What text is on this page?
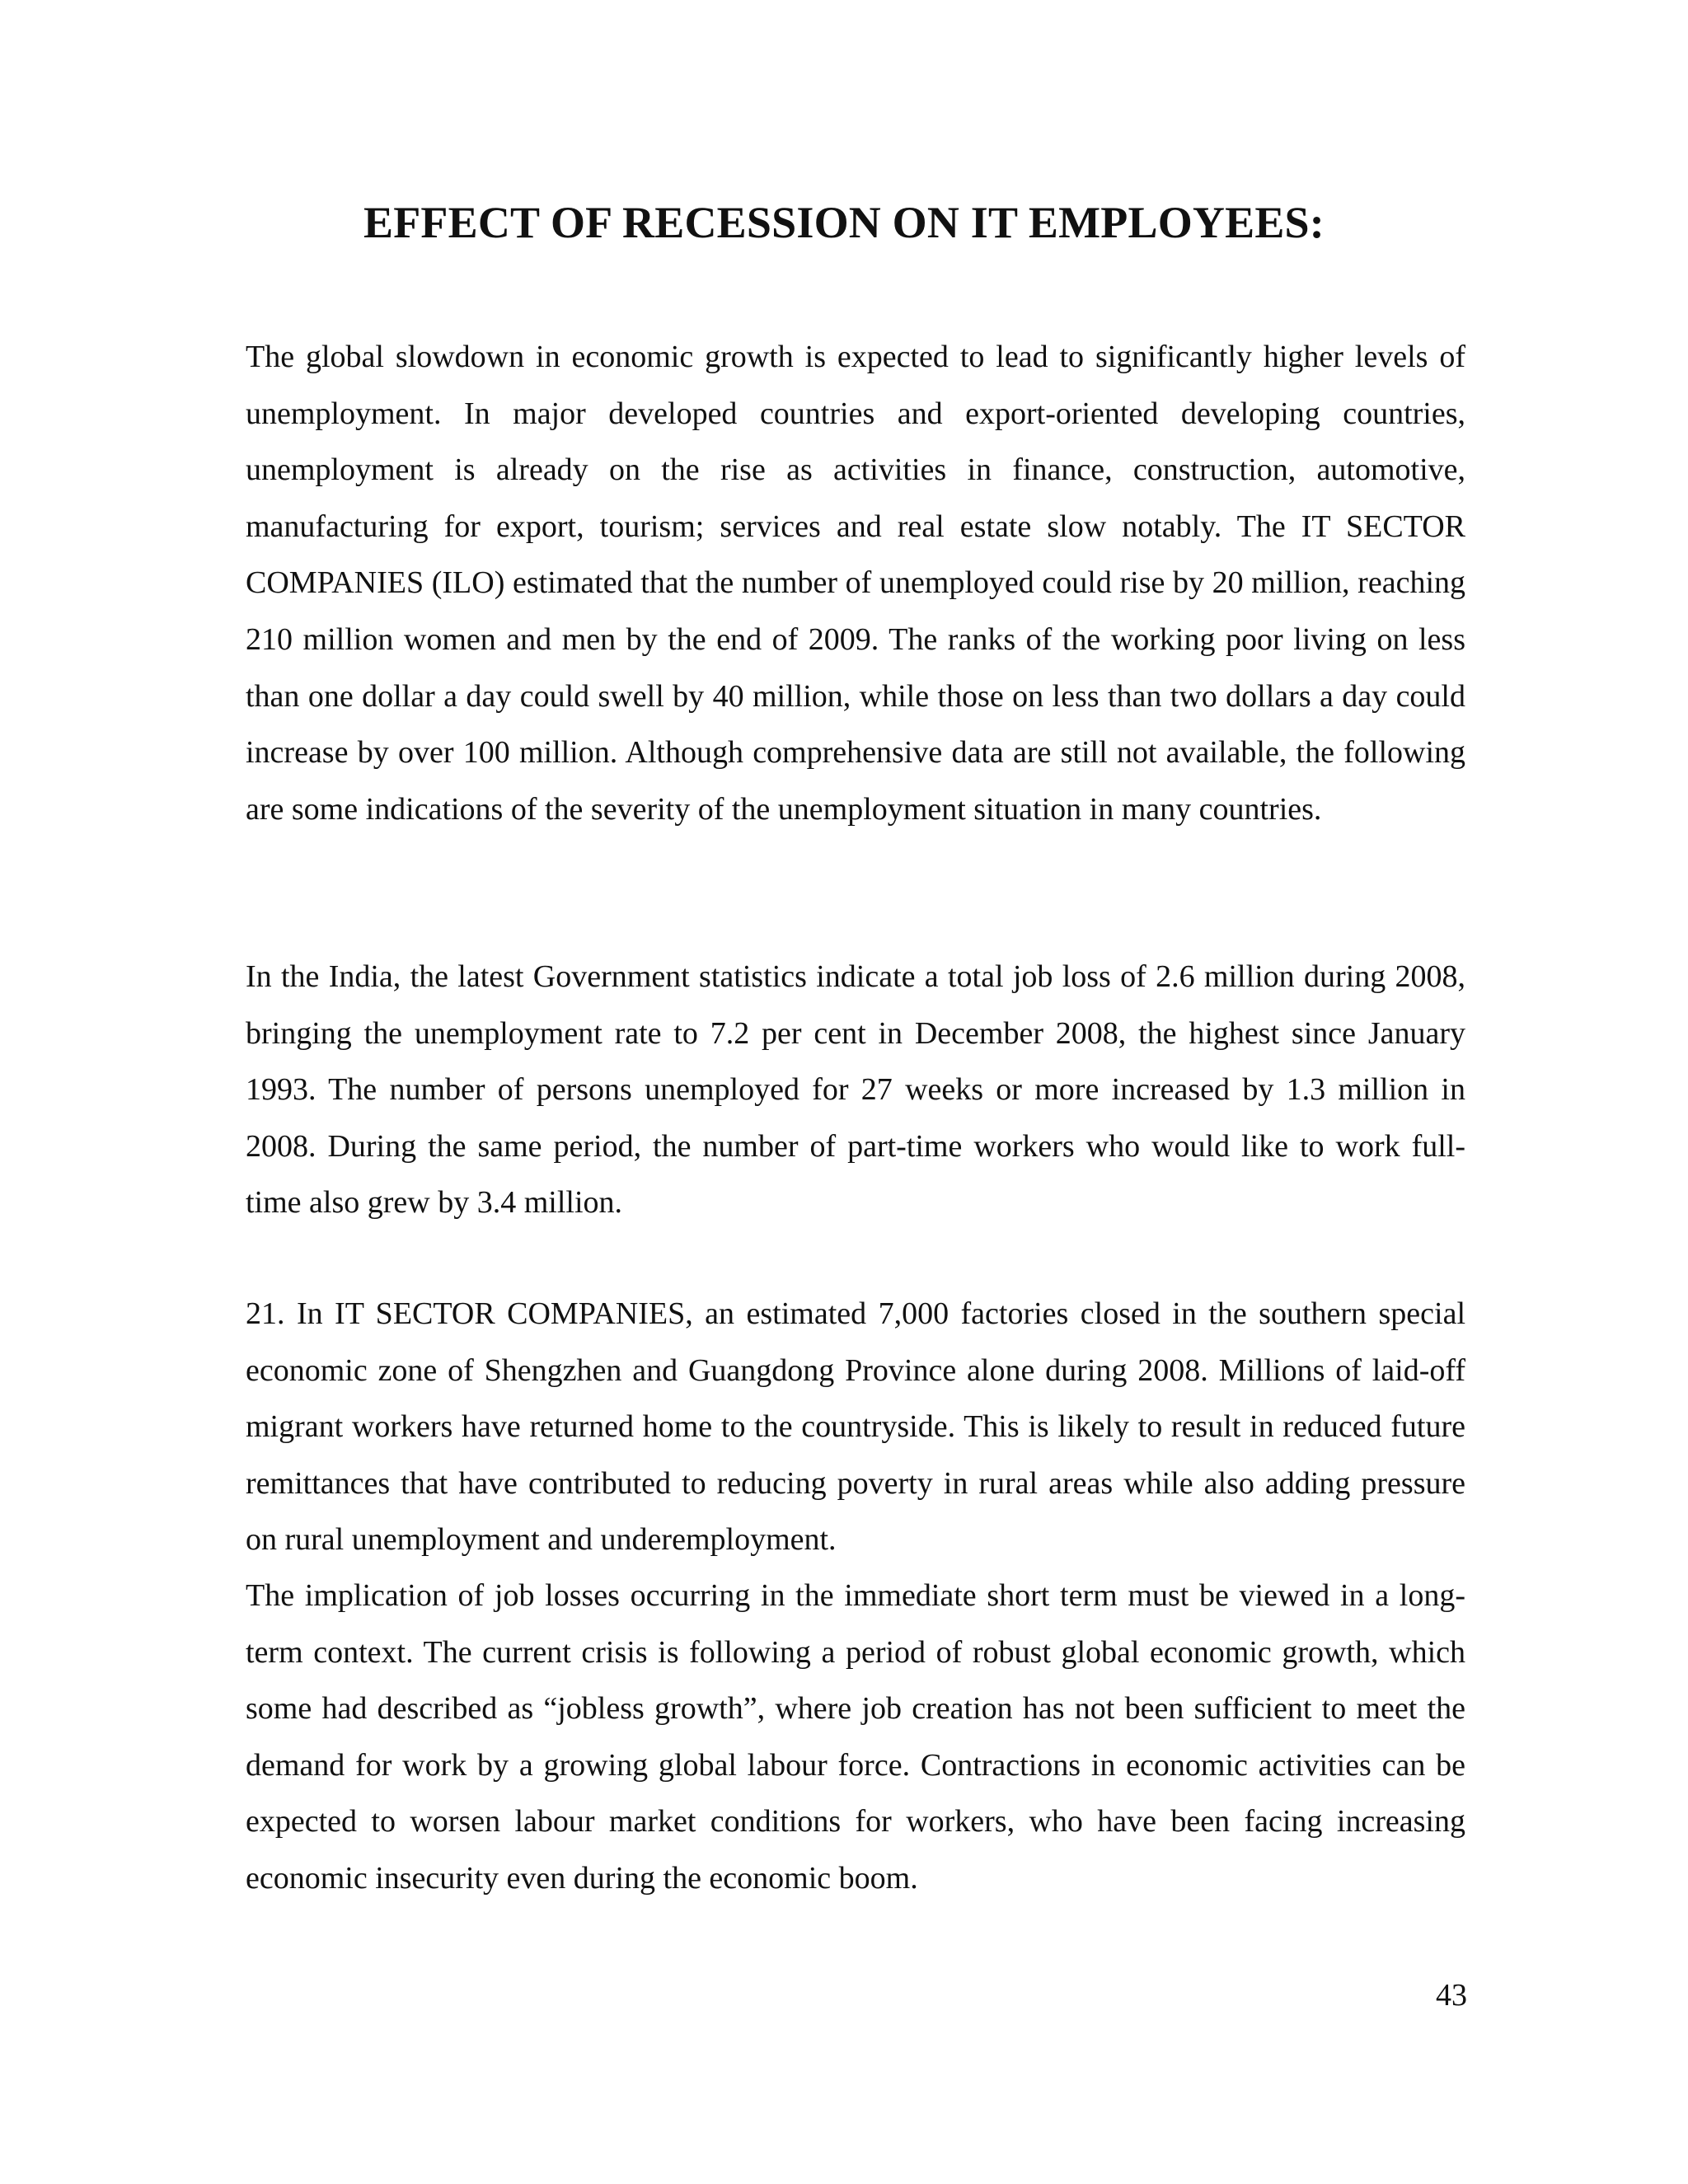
EFFECT OF RECESSION ON IT EMPLOYEES:

The global slowdown in economic growth is expected to lead to significantly higher levels of unemployment. In major developed countries and export-oriented developing countries, unemployment is already on the rise as activities in finance, construction, automotive, manufacturing for export, tourism; services and real estate slow notably. The IT SECTOR COMPANIES (ILO) estimated that the number of unemployed could rise by 20 million, reaching 210 million women and men by the end of 2009. The ranks of the working poor living on less than one dollar a day could swell by 40 million, while those on less than two dollars a day could increase by over 100 million. Although comprehensive data are still not available, the following are some indications of the severity of the unemployment situation in many countries.

In the India, the latest Government statistics indicate a total job loss of 2.6 million during 2008, bringing the unemployment rate to 7.2 per cent in December 2008, the highest since January 1993. The number of persons unemployed for 27 weeks or more increased by 1.3 million in 2008. During the same period, the number of part-time workers who would like to work full-time also grew by 3.4 million.

21. In IT SECTOR COMPANIES, an estimated 7,000 factories closed in the southern special economic zone of Shengzhen and Guangdong Province alone during 2008. Millions of laid-off migrant workers have returned home to the countryside. This is likely to result in reduced future remittances that have contributed to reducing poverty in rural areas while also adding pressure on rural unemployment and underemployment.

The implication of job losses occurring in the immediate short term must be viewed in a long-term context. The current crisis is following a period of robust global economic growth, which some had described as “jobless growth”, where job creation has not been sufficient to meet the demand for work by a growing global labour force. Contractions in economic activities can be expected to worsen labour market conditions for workers, who have been facing increasing economic insecurity even during the economic boom.

43
